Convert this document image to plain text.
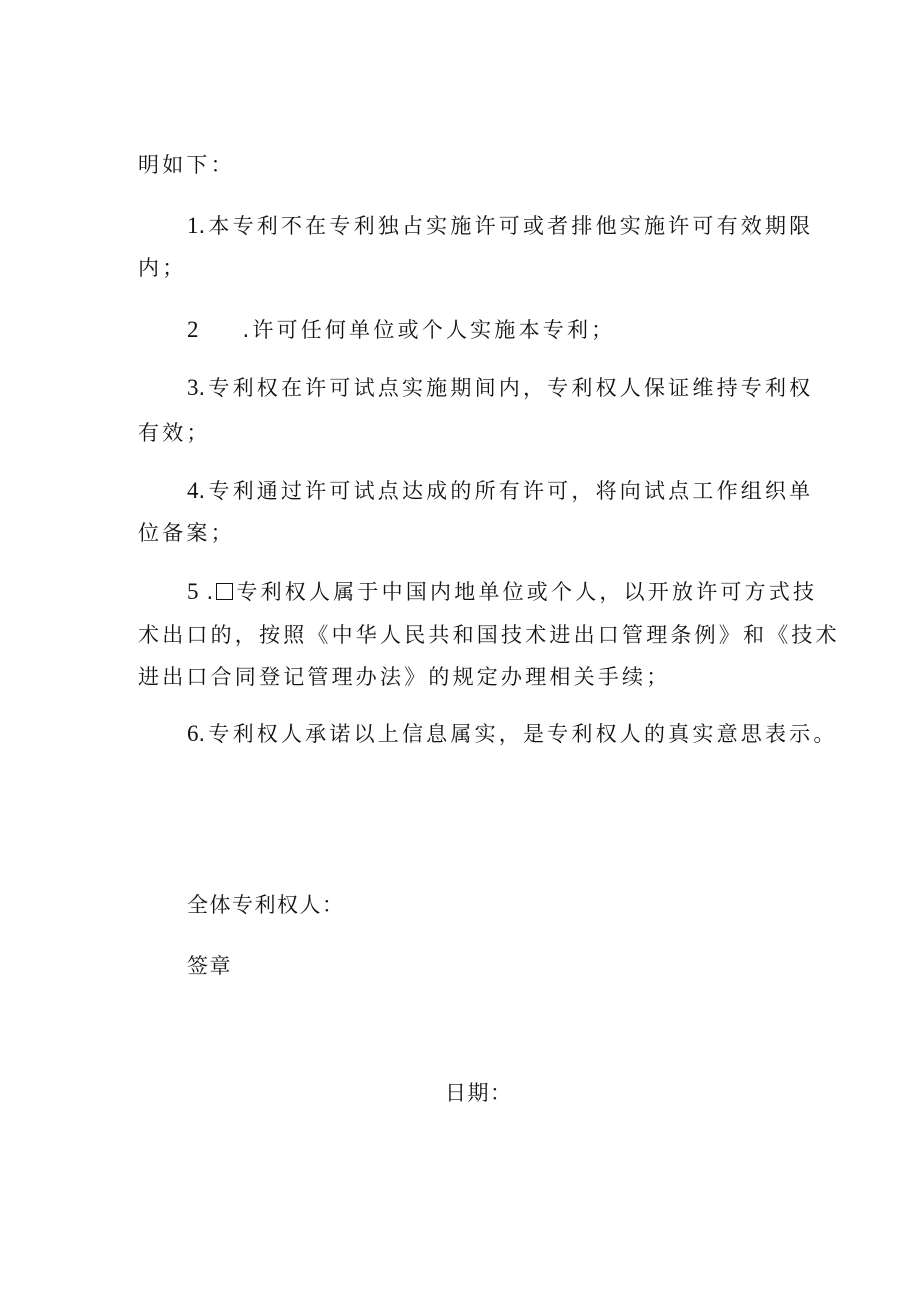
明如下：
1.本专利不在专利独占实施许可或者排他实施许可有效期限
内；
2 .许可任何单位或个人实施本专利；
3.专利权在许可试点实施期间内，专利权人保证维持专利权
有效；
4.专利通过许可试点达成的所有许可，将向试点工作组织单
位备案；
5 . 专利权人属于中国内地单位或个人，以开放许可方式技
术出口的，按照《中华人民共和国技术进出口管理条例》和《技术
进出口合同登记管理办法》的规定办理相关手续；
6.专利权人承诺以上信息属实，是专利权人的真实意思表示。
全体专利权人：
签章
日期：
